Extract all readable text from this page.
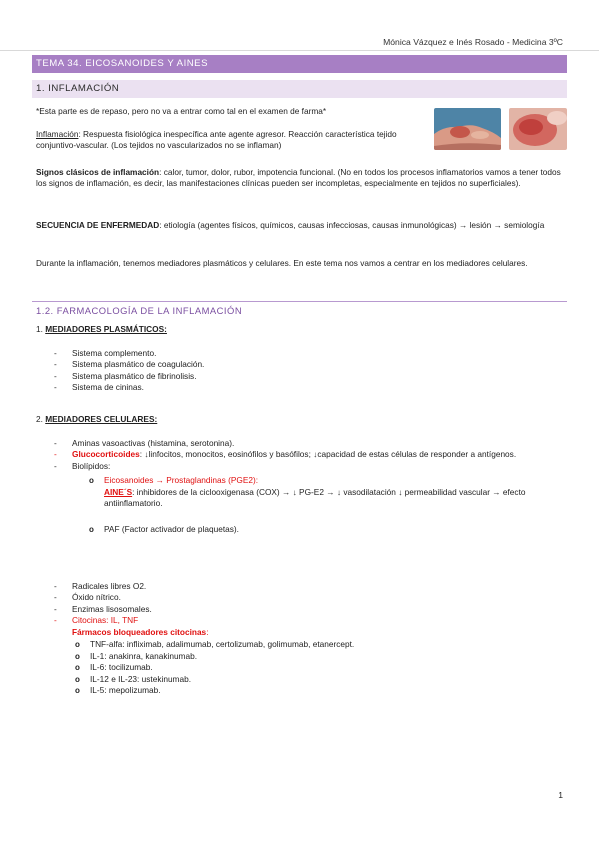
Mónica Vázquez e Inés Rosado - Medicina 3ºC
TEMA 34. EICOSANOIDES Y AINES
1. INFLAMACIÓN
*Esta parte es de repaso, pero no va a entrar como tal en el examen de farma*
Inflamación: Respuesta fisiológica inespecífica ante agente agresor. Reacción característica tejido conjuntivo-vascular. (Los tejidos no vascularizados no se inflaman)
Signos clásicos de inflamación: calor, tumor, dolor, rubor, impotencia funcional. (No en todos los procesos inflamatorios vamos a tener todos los signos de inflamación, es decir, las manifestaciones clínicas pueden ser incompletas, especialmente en tejidos no superficiales).
SECUENCIA DE ENFERMEDAD: etiología (agentes físicos, químicos, causas infecciosas, causas inmunológicas) → lesión → semiología
Durante la inflamación, tenemos mediadores plasmáticos y celulares. En este tema nos vamos a centrar en los mediadores celulares.
1.2. FARMACOLOGÍA DE LA INFLAMACIÓN
1. MEDIADORES PLASMÁTICOS:
- Sistema complemento.
- Sistema plasmático de coagulación.
- Sistema plasmático de fibrinolisis.
- Sistema de cininas.
2. MEDIADORES CELULARES:
- Aminas vasoactivas (histamina, serotonina).
- Glucocorticoides: ↓linfocitos, monocitos, eosinófilos y basófilos; ↓capacidad de estas células de responder a antígenos.
- Biolípidos:
o Eicosanoides → Prostaglandinas (PGE2):
AINE´S: inhibidores de la ciclooxigenasa (COX) → ↓ PG-E2 → ↓ vasodilatación ↓ permeabilidad vascular → efecto antiinflamatorio.
o PAF (Factor activador de plaquetas).
- Radicales libres O2.
- Óxido nítrico.
- Enzimas lisosomales.
- Citocinas: IL, TNF
Fármacos bloqueadores citocinas:
o TNF-alfa: infliximab, adalimumab, certolizumab, golimumab, etanercept.
o IL-1: anakinra, kanakinumab.
o IL-6: tocilizumab.
o IL-12 e IL-23: ustekinumab.
o IL-5: mepolizumab.
1
